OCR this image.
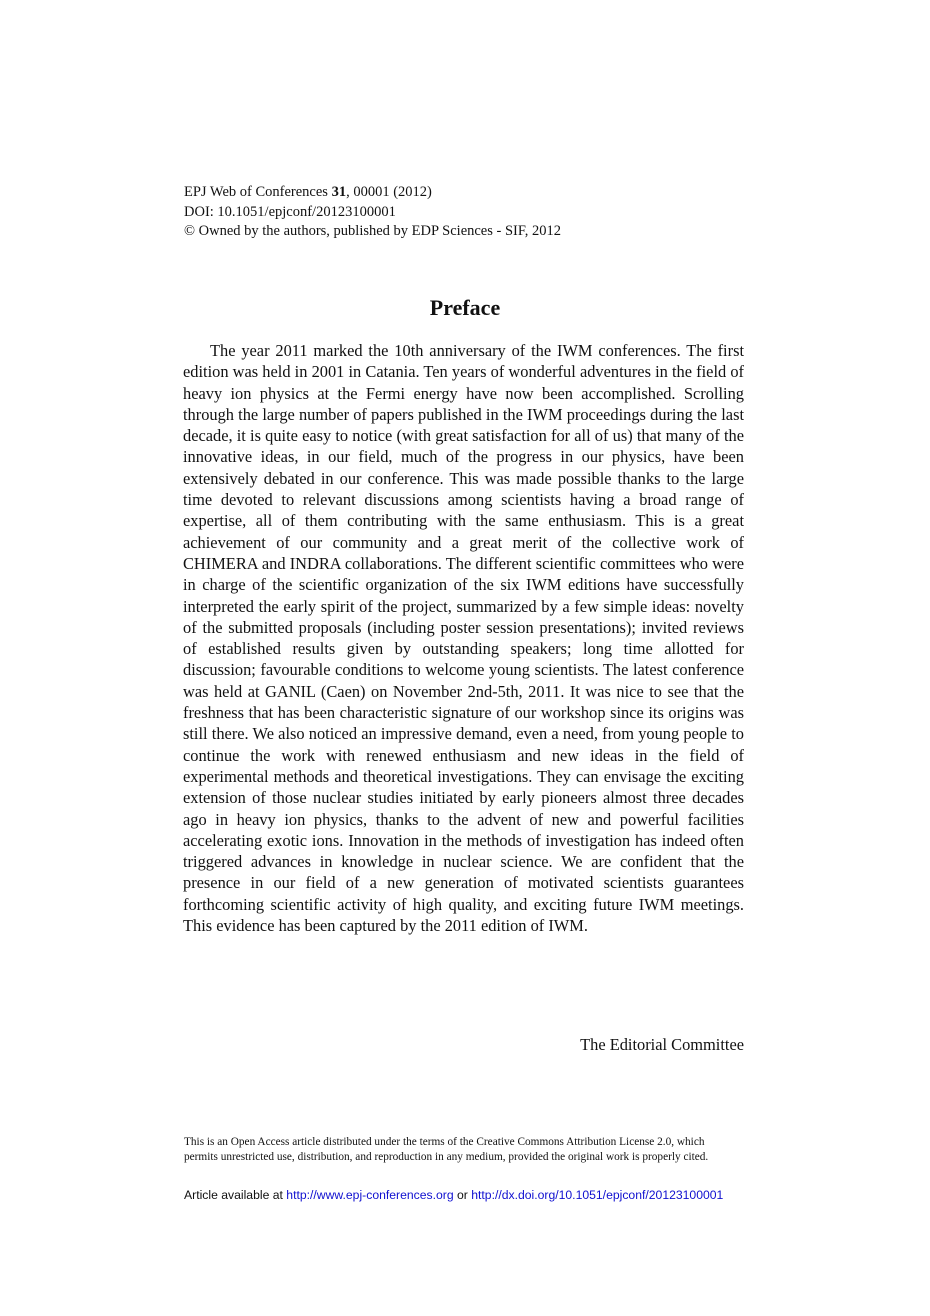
EPJ Web of Conferences 31, 00001 (2012)
DOI: 10.1051/epjconf/20123100001
© Owned by the authors, published by EDP Sciences - SIF, 2012
Preface

The year 2011 marked the 10th anniversary of the IWM conferences. The first edition was held in 2001 in Catania. Ten years of wonderful adventures in the field of heavy ion physics at the Fermi energy have now been accomplished. Scrolling through the large number of papers published in the IWM proceedings during the last decade, it is quite easy to notice (with great satisfaction for all of us) that many of the innovative ideas, in our field, much of the progress in our physics, have been extensively debated in our conference. This was made possible thanks to the large time devoted to relevant discussions among scientists having a broad range of expertise, all of them contributing with the same enthusiasm. This is a great achievement of our community and a great merit of the collective work of CHIMERA and INDRA collaborations. The different scientific committees who were in charge of the scientific organization of the six IWM editions have successfully interpreted the early spirit of the project, summarized by a few simple ideas: novelty of the submitted proposals (including poster session presentations); invited reviews of established results given by outstanding speakers; long time allotted for discussion; favourable conditions to welcome young scientists. The latest conference was held at GANIL (Caen) on November 2nd-5th, 2011. It was nice to see that the freshness that has been characteristic signature of our workshop since its origins was still there. We also noticed an impressive demand, even a need, from young people to continue the work with renewed enthusiasm and new ideas in the field of experimental methods and theoretical investigations. They can envisage the exciting extension of those nuclear studies initiated by early pioneers almost three decades ago in heavy ion physics, thanks to the advent of new and powerful facilities accelerating exotic ions. Innovation in the methods of investigation has indeed often triggered advances in knowledge in nuclear science. We are confident that the presence in our field of a new generation of motivated scientists guarantees forthcoming scientific activity of high quality, and exciting future IWM meetings. This evidence has been captured by the 2011 edition of IWM.

The Editorial Committee
This is an Open Access article distributed under the terms of the Creative Commons Attribution License 2.0, which
permits unrestricted use, distribution, and reproduction in any medium, provided the original work is properly cited.
Article available at http://www.epj-conferences.org or http://dx.doi.org/10.1051/epjconf/20123100001
